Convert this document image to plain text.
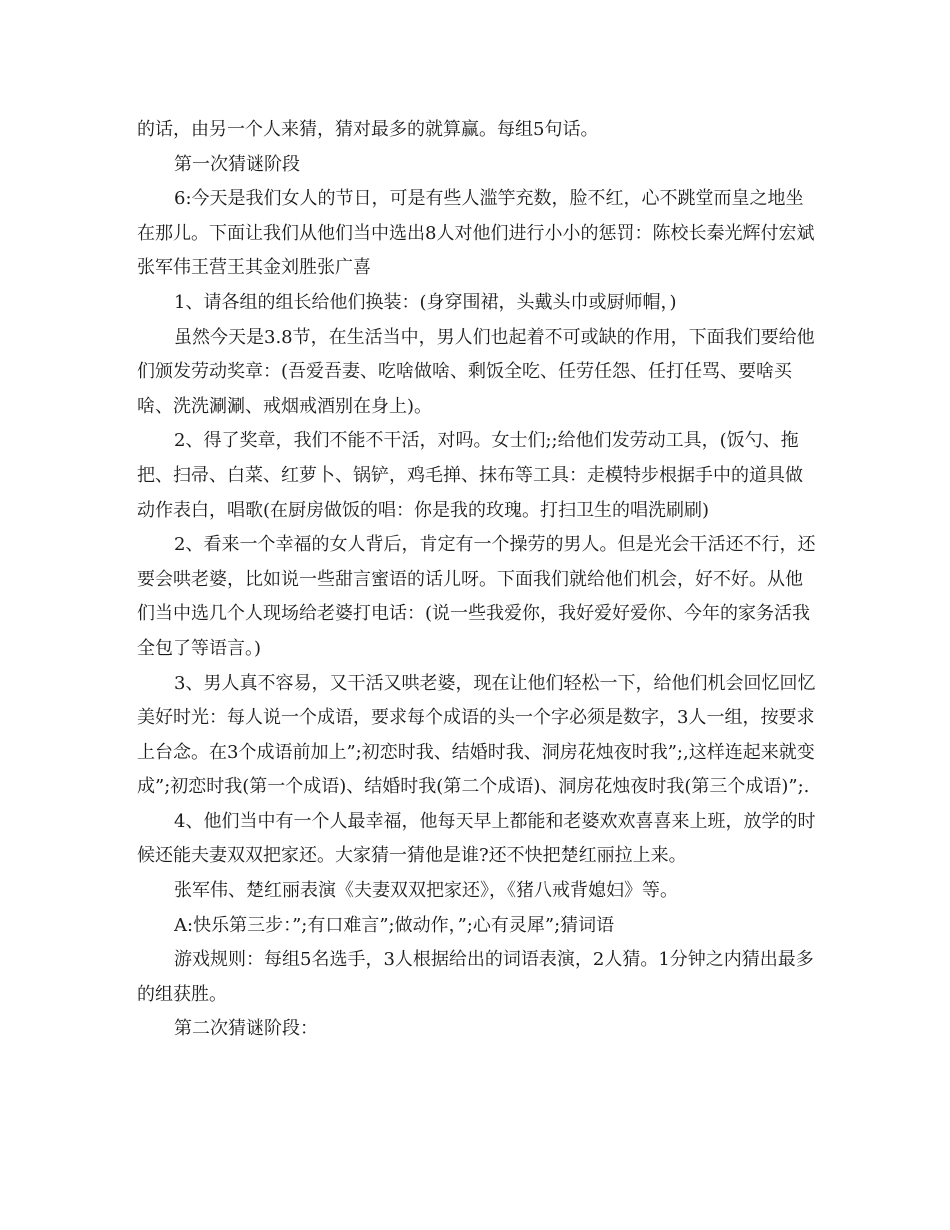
的话，由另一个人来猜，猜对最多的就算赢。每组5句话。

第一次猜谜阶段

6:今天是我们女人的节日，可是有些人滥竽充数，脸不红，心不跳堂而皇之地坐在那儿。下面让我们从他们当中选出8人对他们进行小小的惩罚：陈校长秦光辉付宏斌张军伟王营王其金刘胜张广喜

1、请各组的组长给他们换装：(身穿围裙，头戴头巾或厨师帽，)

虽然今天是3.8节，在生活当中，男人们也起着不可或缺的作用，下面我们要给他们颁发劳动奖章：(吾爱吾妻、吃啥做啥、剩饭全吃、任劳任怨、任打任骂、要啥买啥、洗洗涮涮、戒烟戒酒别在身上)。

2、得了奖章，我们不能不干活，对吗。女士们;;给他们发劳动工具，(饭勺、拖把、扫帚、白菜、红萝卜、锅铲，鸡毛掸、抹布等工具：走模特步根据手中的道具做动作表白，唱歌(在厨房做饭的唱：你是我的玫瑰。打扫卫生的唱洗刷刷)

2、看来一个幸福的女人背后，肯定有一个操劳的男人。但是光会干活还不行，还要会哄老婆，比如说一些甜言蜜语的话儿呀。下面我们就给他们机会，好不好。从他们当中选几个人现场给老婆打电话：(说一些我爱你，我好爱好爱你、今年的家务活我全包了等语言。)

3、男人真不容易，又干活又哄老婆，现在让他们轻松一下，给他们机会回忆回忆美好时光：每人说一个成语，要求每个成语的头一个字必须是数字，3人一组，按要求上台念。在3个成语前加上”;初恋时我、结婚时我、洞房花烛夜时我”;,这样连起来就变成”;初恋时我(第一个成语)、结婚时我(第二个成语)、洞房花烛夜时我(第三个成语)”;.

4、他们当中有一个人最幸福，他每天早上都能和老婆欢欢喜喜来上班，放学的时候还能夫妻双双把家还。大家猜一猜他是谁?还不快把楚红丽拉上来。

张军伟、楚红丽表演《夫妻双双把家还》，《猪八戒背媳妇》等。

A:快乐第三步：”;有口难言”;做动作，”;心有灵犀”;猜词语

游戏规则：每组5名选手，3人根据给出的词语表演，2人猜。1分钟之内猜出最多的组获胜。

第二次猜谜阶段：
